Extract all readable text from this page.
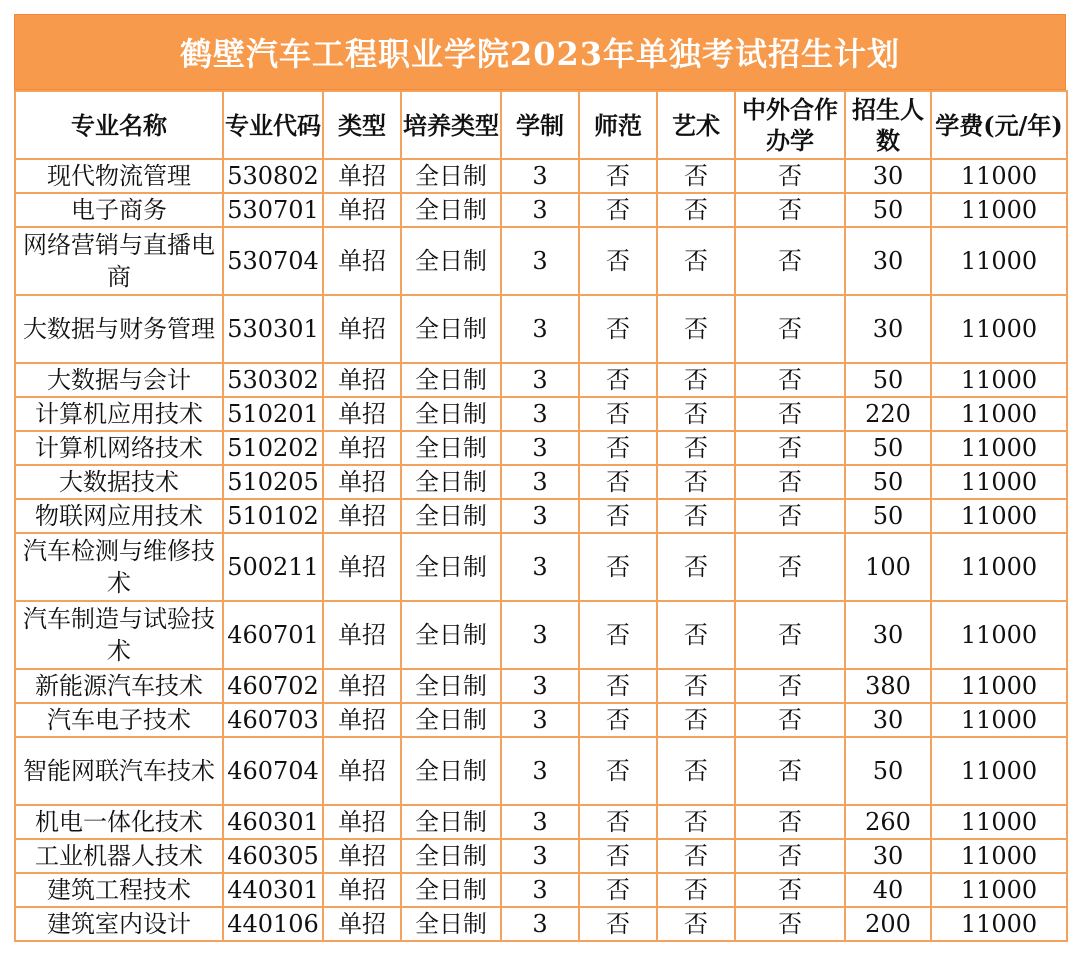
鹤壁汽车工程职业学院2023年单独考试招生计划
专业名称	专业代码	类型	培养类型	学制	师范	艺术	中外合作办学	招生人数	学费(元/年)
现代物流管理	530802	单招	全日制	3	否	否	否	30	11000
电子商务	530701	单招	全日制	3	否	否	否	50	11000
网络营销与直播电商	530704	单招	全日制	3	否	否	否	30	11000
大数据与财务管理	530301	单招	全日制	3	否	否	否	30	11000
大数据与会计	530302	单招	全日制	3	否	否	否	50	11000
计算机应用技术	510201	单招	全日制	3	否	否	否	220	11000
计算机网络技术	510202	单招	全日制	3	否	否	否	50	11000
大数据技术	510205	单招	全日制	3	否	否	否	50	11000
物联网应用技术	510102	单招	全日制	3	否	否	否	50	11000
汽车检测与维修技术	500211	单招	全日制	3	否	否	否	100	11000
汽车制造与试验技术	460701	单招	全日制	3	否	否	否	30	11000
新能源汽车技术	460702	单招	全日制	3	否	否	否	380	11000
汽车电子技术	460703	单招	全日制	3	否	否	否	30	11000
智能网联汽车技术	460704	单招	全日制	3	否	否	否	50	11000
机电一体化技术	460301	单招	全日制	3	否	否	否	260	11000
工业机器人技术	460305	单招	全日制	3	否	否	否	30	11000
建筑工程技术	440301	单招	全日制	3	否	否	否	40	11000
建筑室内设计	440106	单招	全日制	3	否	否	否	200	11000
